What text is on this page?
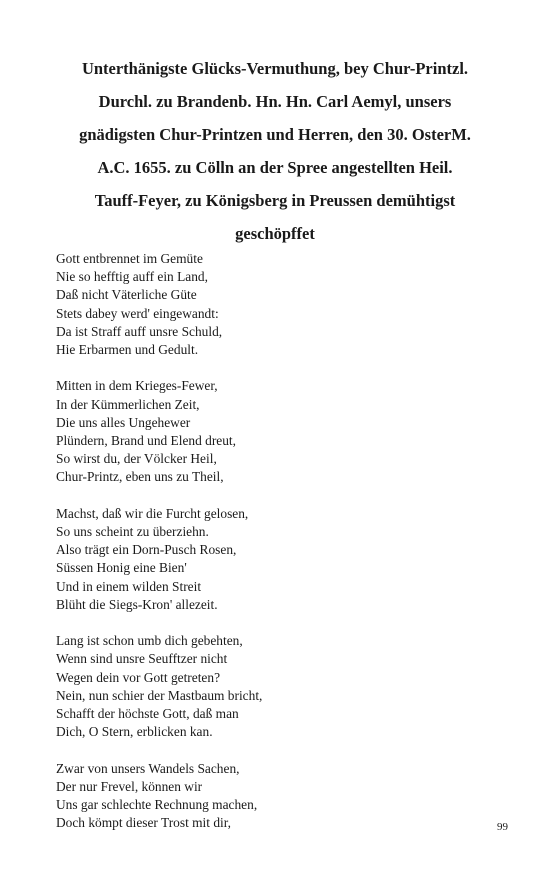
Unterthänigste Glücks-Vermuthung, bey Chur-Printzl.
Durchl. zu Brandenb. Hn. Hn. Carl Aemyl, unsers
gnädigsten Chur-Printzen und Herren, den 30. OsterM.
A.C. 1655. zu Cölln an der Spree angestellten Heil.
Tauff-Feyer, zu Königsberg in Preussen demühtigst
geschöpffet
Gott entbrennet im Gemüte
Nie so hefftig auff ein Land,
Daß nicht Väterliche Güte
Stets dabey werd' eingewandt:
Da ist Straff auff unsre Schuld,
Hie Erbarmen und Gedult.
Mitten in dem Krieges-Fewer,
In der Kümmerlichen Zeit,
Die uns alles Ungehewer
Plündern, Brand und Elend dreut,
So wirst du, der Völcker Heil,
Chur-Printz, eben uns zu Theil,
Machst, daß wir die Furcht gelosen,
So uns scheint zu überziehn.
Also trägt ein Dorn-Pusch Rosen,
Süssen Honig eine Bien'
Und in einem wilden Streit
Blüht die Siegs-Kron' allezeit.
Lang ist schon umb dich gebehten,
Wenn sind unsre Seufftzer nicht
Wegen dein vor Gott getreten?
Nein, nun schier der Mastbaum bricht,
Schafft der höchste Gott, daß man
Dich, O Stern, erblicken kan.
Zwar von unsers Wandels Sachen,
Der nur Frevel, können wir
Uns gar schlechte Rechnung machen,
Doch kömpt dieser Trost mit dir,	99
